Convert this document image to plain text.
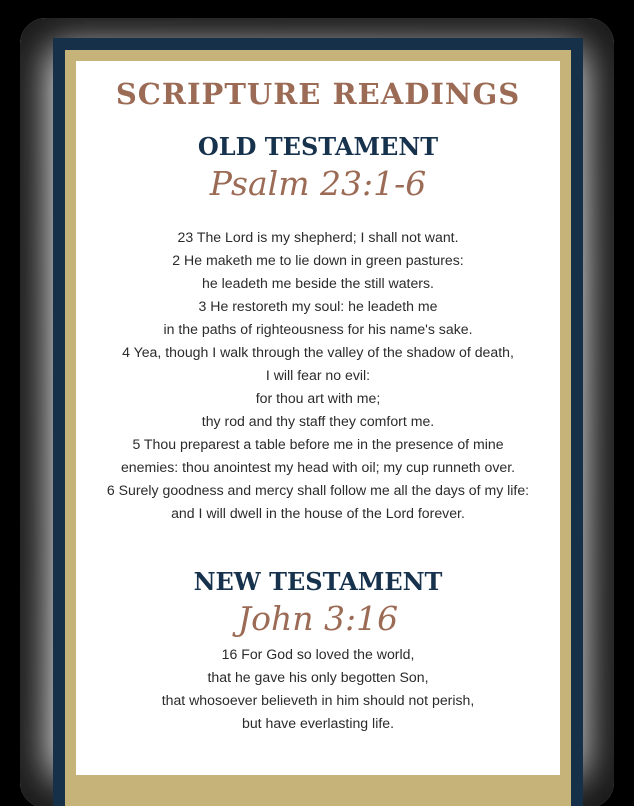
SCRIPTURE READINGS
OLD TESTAMENT

Psalm 23:1-6

23 The Lord is my shepherd; I shall not want.
2 He maketh me to lie down in green pastures:
he leadeth me beside the still waters.
3 He restoreth my soul: he leadeth me
in the paths of righteousness for his name's sake.
4 Yea, though I walk through the valley of the shadow of death,
I will fear no evil:
for thou art with me;
thy rod and thy staff they comfort me.
5 Thou preparest a table before me in the presence of mine
enemies: thou anointest my head with oil; my cup runneth over.
6 Surely goodness and mercy shall follow me all the days of my life:
and I will dwell in the house of the Lord forever.
NEW TESTAMENT

John 3:16

16 For God so loved the world,
that he gave his only begotten Son,
that whosoever believeth in him should not perish,
but have everlasting life.
